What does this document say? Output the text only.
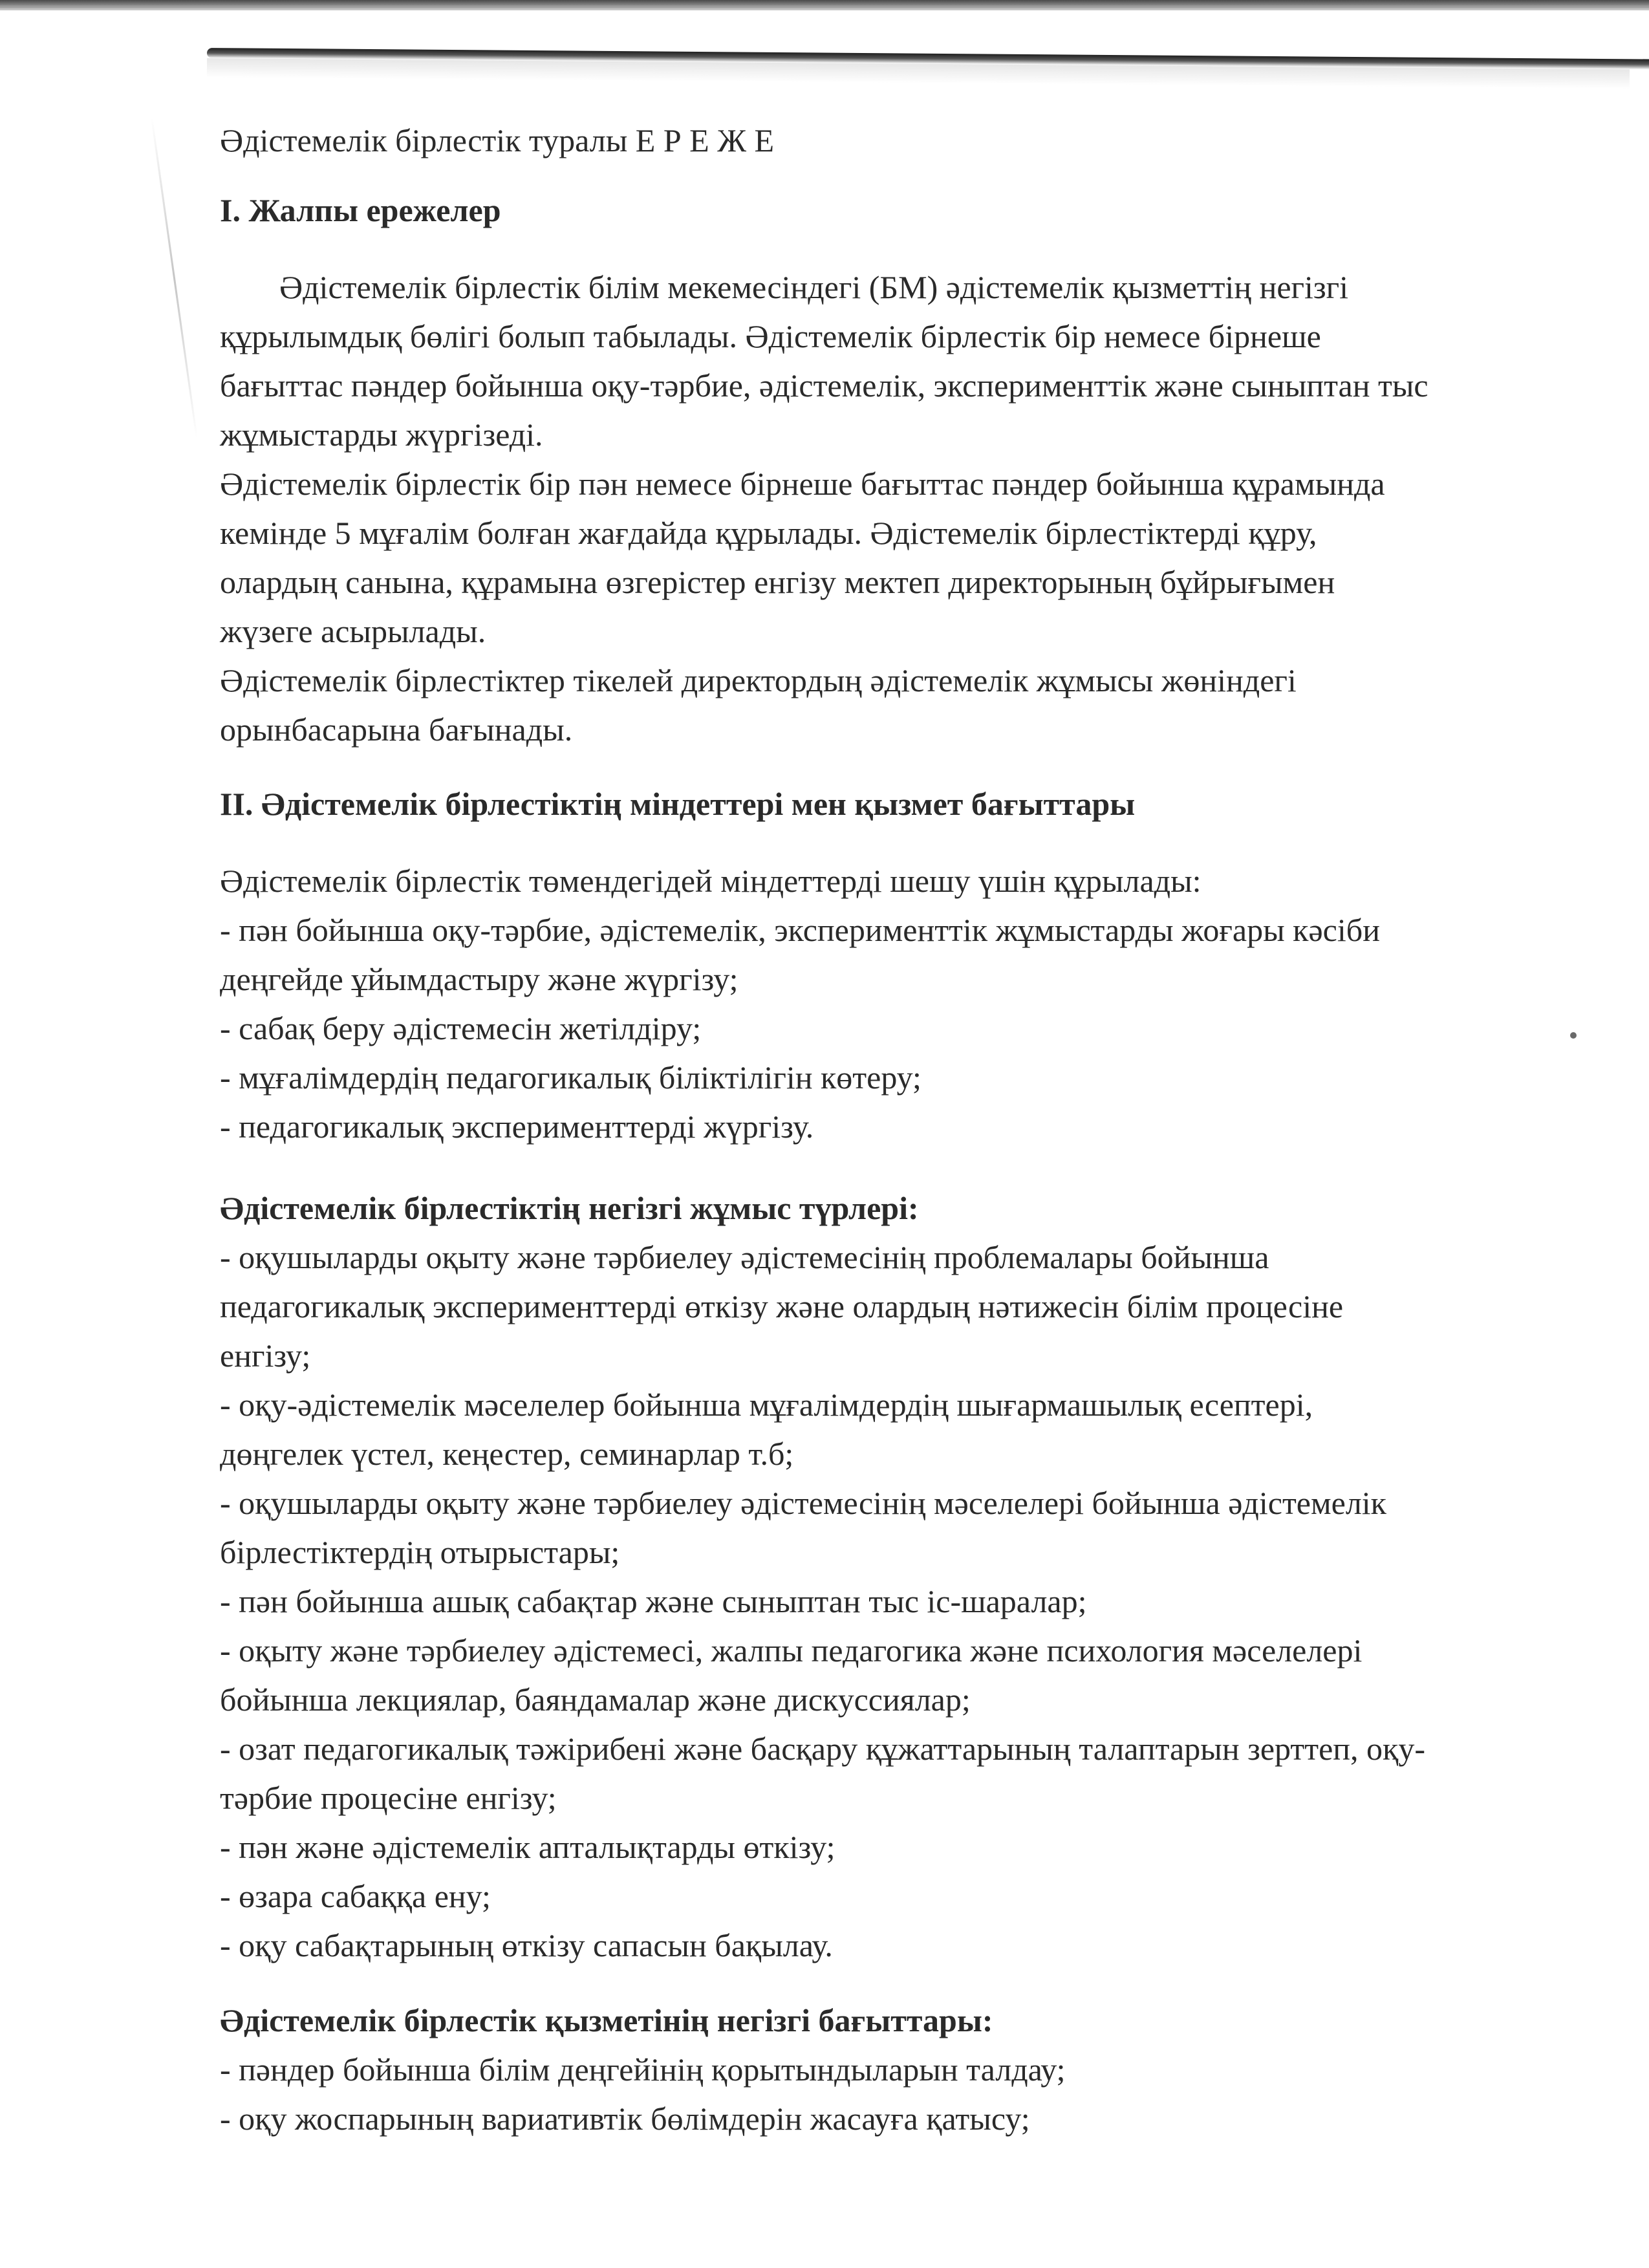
Әдістемелік бірлестік туралы Е Р Е Ж Е

І. Жалпы ережелер

Әдістемелік бірлестік білім мекемесіндегі (БМ) әдістемелік қызметтің негізгі

құрылымдық бөлігі болып табылады. Әдістемелік бірлестік бір немесе бірнеше

бағыттас пәндер бойынша оқу-тәрбие, әдістемелік, эксперименттік және сыныптан тыс

жұмыстарды жүргізеді.

Әдістемелік бірлестік бір пән немесе бірнеше бағыттас пәндер бойынша құрамында

кемінде 5 мұғалім болған жағдайда құрылады. Әдістемелік бірлестіктерді құру,

олардың санына, құрамына өзгерістер енгізу мектеп директорының бұйрығымен

жүзеге асырылады.

Әдістемелік бірлестіктер тікелей директордың әдістемелік жұмысы жөніндегі

орынбасарына бағынады.

II. Әдістемелік бірлестіктің міндеттері мен қызмет бағыттары

Әдістемелік бірлестік төмендегідей міндеттерді шешу үшін құрылады:

- пән бойынша оқу-тәрбие, әдістемелік, эксперименттік жұмыстарды жоғары кәсіби

деңгейде ұйымдастыру және жүргізу;

- сабақ беру әдістемесін жетілдіру;

- мұғалімдердің педагогикалық біліктілігін көтеру;

- педагогикалық эксперименттерді жүргізу.

Әдістемелік бірлестіктің негізгі жұмыс түрлері:

- оқушыларды оқыту және тәрбиелеу әдістемесінің проблемалары бойынша

педагогикалық эксперименттерді өткізу және олардың нәтижесін білім процесіне

енгізу;

- оқу-әдістемелік мәселелер бойынша мұғалімдердің шығармашылық есептері,

дөңгелек үстел, кеңестер, семинарлар т.б;

- оқушыларды оқыту және тәрбиелеу әдістемесінің мәселелері бойынша әдістемелік

бірлестіктердің отырыстары;

- пән бойынша ашық сабақтар және сыныптан тыс іс-шаралар;

- оқыту және тәрбиелеу әдістемесі, жалпы педагогика және психология мәселелері

бойынша лекциялар, баяндамалар және дискуссиялар;

- озат педагогикалық тәжірибені және басқару құжаттарының талаптарын зерттеп, оқу-

тәрбие процесіне енгізу;

- пән және әдістемелік апталықтарды өткізу;

- өзара сабаққа ену;

- оқу сабақтарының өткізу сапасын бақылау.

Әдістемелік бірлестік қызметінің негізгі бағыттары:

- пәндер бойынша білім деңгейінің қорытындыларын талдау;

- оқу жоспарының вариативтік бөлімдерін жасауға қатысу;
